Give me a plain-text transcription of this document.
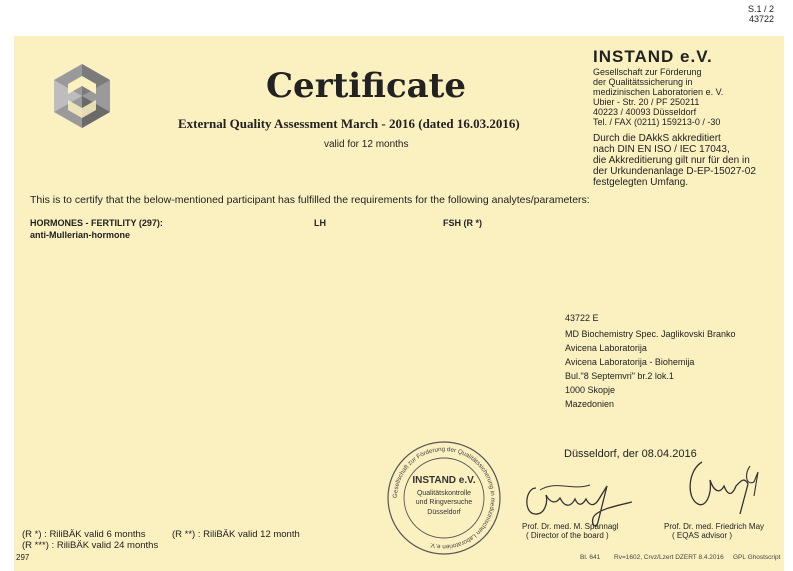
S.1 / 2
43722
Certificate
External Quality Assessment March - 2016 (dated 16.03.2016)
valid for 12 months
INSTAND e.V.
Gesellschaft zur Förderung
der Qualitätssicherung in
medizinischen Laboratorien e. V.
Ubier - Str. 20 / PF 250211
40223 / 40093 Düsseldorf
Tel. / FAX (0211) 159213-0 / -30
Durch die DAkkS akkreditiert
nach DIN EN ISO / IEC 17043,
die Akkreditierung gilt nur für den in
der Urkundenanlage D-EP-15027-02
festgelegten Umfang.
This is to certify that the below-mentioned participant has fulfilled the requirements for the following analytes/parameters:
HORMONES - FERTILITY (297):
anti-Mullerian-hormone
LH	FSH (R *)
43722 E
MD Biochemistry Spec. Jaglikovski Branko
Avicena Laboratorija
Avicena Laboratorija - Biohemija
Bul."8 Septemvri" br.2 lok.1
1000 Skopje
Mazedonien
Düsseldorf, der 08.04.2016
Gesellschaft zur Förderung der Qualitätssicherung in medizinischen Laboratorien e.V.
INSTAND e.V.
Qualitätskontrolle
und Ringversuche
Düsseldorf
Prof. Dr. med. M. Spannagl
( Director of the board )
Prof. Dr. med. Friedrich May
( EQAS advisor )
(R *) : RiliBÄK valid 6 months	(R **) : RiliBÄK valid 12 month
(R ***) : RiliBÄK valid 24 months
297	Bl. 641 Rv=1602, Crvz/Lzert DZERT 8.4.2016 GPL Ghostscript
